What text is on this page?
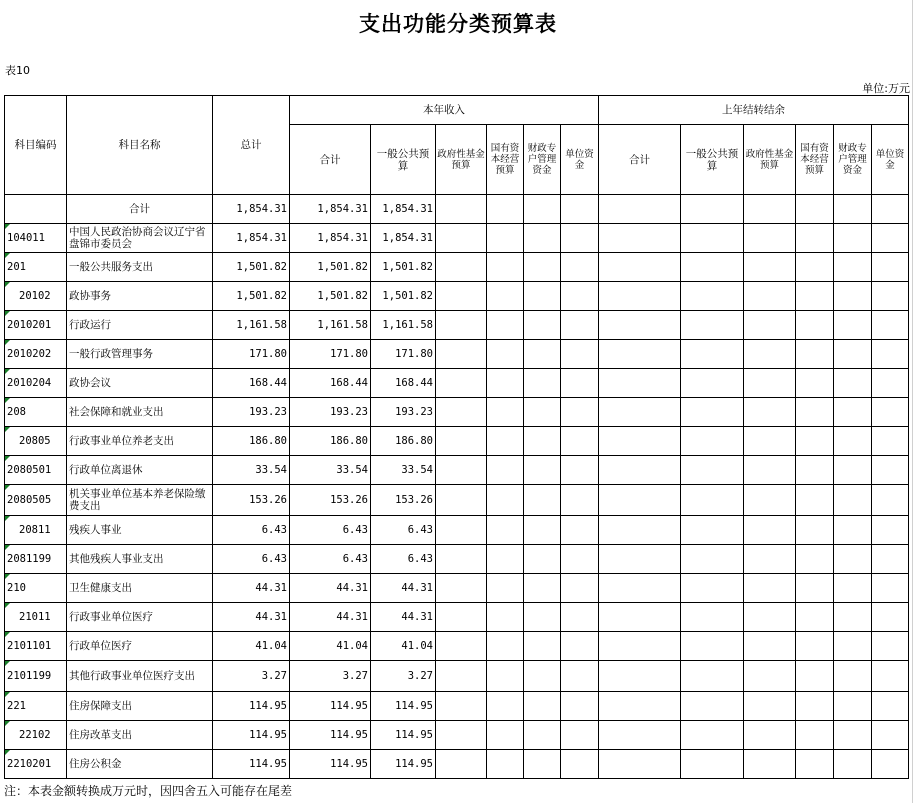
支出功能分类预算表
表10
单位:万元
科目编码	科目名称	总计	本年收入						上年结转结余					
			合计	一般公共预算	政府性基金预算	国有资本经营预算	财政专户管理资金	单位资金	合计	一般公共预算	政府性基金预算	国有资本经营预算	财政专户管理资金	单位资金
	合计	1,854.31	1,854.31	1,854.31										

104011	中国人民政治协商会议辽宁省盘锦市委员会	1,854.31	1,854.31	1,854.31										

201	一般公共服务支出	1,501.82	1,501.82	1,501.82										

20102	政协事务	1,501.82	1,501.82	1,501.82										

2010201	行政运行	1,161.58	1,161.58	1,161.58										

2010202	一般行政管理事务	171.80	171.80	171.80										

2010204	政协会议	168.44	168.44	168.44										

208	社会保障和就业支出	193.23	193.23	193.23										

20805	行政事业单位养老支出	186.80	186.80	186.80										

2080501	行政单位离退休	33.54	33.54	33.54										

2080505	机关事业单位基本养老保险缴费支出	153.26	153.26	153.26										

20811	残疾人事业	6.43	6.43	6.43										

2081199	其他残疾人事业支出	6.43	6.43	6.43										

210	卫生健康支出	44.31	44.31	44.31										

21011	行政事业单位医疗	44.31	44.31	44.31										

2101101	行政单位医疗	41.04	41.04	41.04										

2101199	其他行政事业单位医疗支出	3.27	3.27	3.27										

221	住房保障支出	114.95	114.95	114.95										

22102	住房改革支出	114.95	114.95	114.95										

2210201	住房公积金	114.95	114.95	114.95										
注：本表金额转换成万元时，因四舍五入可能存在尾差
